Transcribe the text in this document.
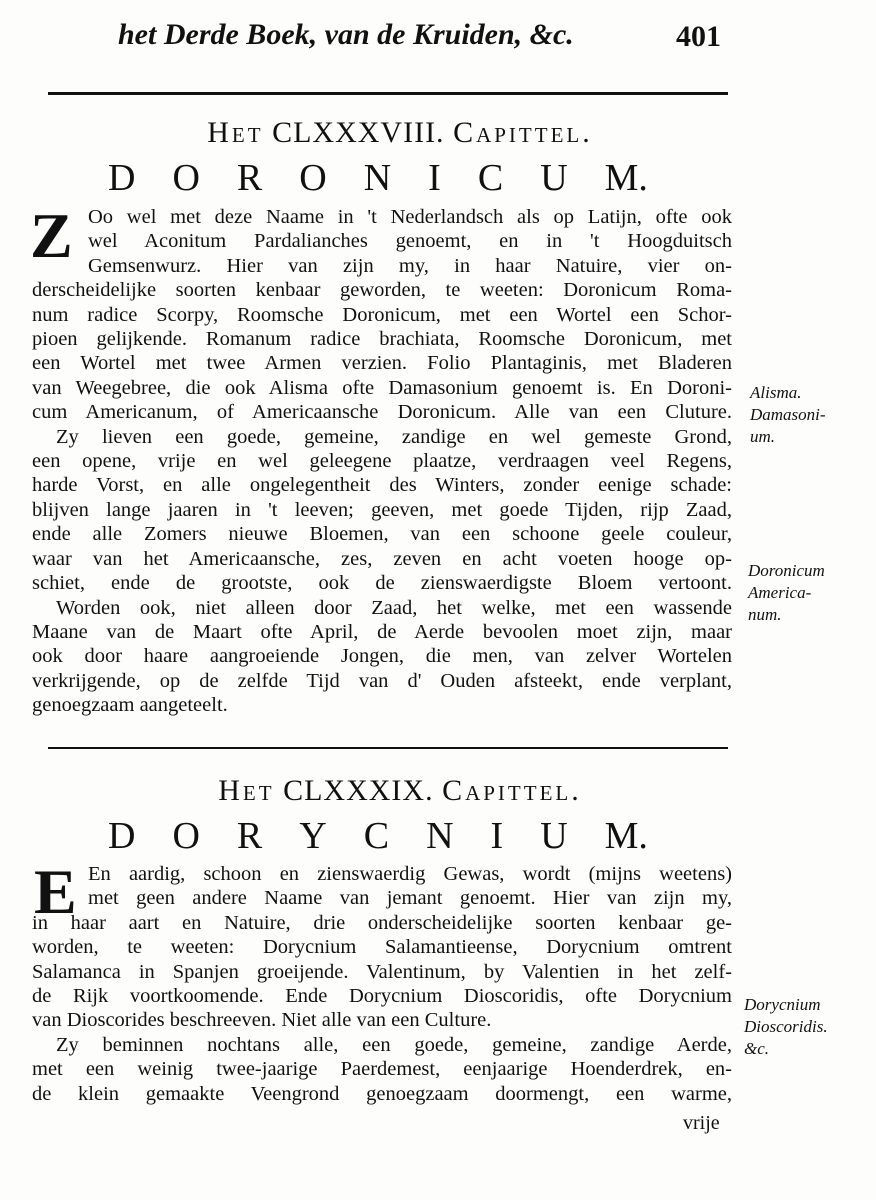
het Derde Boek, van de Kruiden, &c.	401
Het CLXXXVIII. Capittel.
D O R O N I C U M.
Z Oo wel met deze Naame in 't Nederlandsch als op Latijn, ofte ook
wel Aconitum Pardalianches genoemt, en in 't Hoogduitsch
Gemsenwurz. Hier van zijn my, in haar Natuire, vier on-
derscheidelijke soorten kenbaar geworden, te weeten: Doronicum Roma-
num radice Scorpy, Roomsche Doronicum, met een Wortel een Schor-
pioen gelijkende. Romanum radice brachiata, Roomsche Doronicum, met
een Wortel met twee Armen verzien. Folio Plantaginis, met Bladeren
van Weegebree, die ook Alisma ofte Damasonium genoemt is. En Doroni-
cum Americanum, of Americaansche Doronicum. Alle van een Cluture.
Zy lieven een goede, gemeine, zandige en wel gemeste Grond,
een opene, vrije en wel geleegene plaatze, verdraagen veel Regens,
harde Vorst, en alle ongelegentheit des Winters, zonder eenige schade:
blijven lange jaaren in 't leeven; geeven, met goede Tijden, rijp Zaad,
ende alle Zomers nieuwe Bloemen, van een schoone geele couleur,
waar van het Americaansche, zes, zeven en acht voeten hooge op-
schiet, ende de grootste, ook de zienswaerdigste Bloem vertoont.
Worden ook, niet alleen door Zaad, het welke, met een wassende
Maane van de Maart ofte April, de Aerde bevoolen moet zijn, maar
ook door haare aangroeiende Jongen, die men, van zelver Wortelen
verkrijgende, op de zelfde Tijd van d' Ouden afsteekt, ende verplant,
genoegzaam aangeteelt.
Alisma.
Damasoni-
um.
Doronicum
America-
num.
Het CLXXXIX. Capittel.
D O R Y C N I U M.
E En aardig, schoon en zienswaerdig Gewas, wordt (mijns weetens)
met geen andere Naame van jemant genoemt. Hier van zijn my,
in haar aart en Natuire, drie onderscheidelijke soorten kenbaar ge-
worden, te weeten: Dorycnium Salamantieense, Dorycnium omtrent
Salamanca in Spanjen groeijende. Valentinum, by Valentien in het zelf-
de Rijk voortkoomende. Ende Dorycnium Dioscoridis, ofte Dorycnium
van Dioscorides beschreeven. Niet alle van een Culture.
Zy beminnen nochtans alle, een goede, gemeine, zandige Aerde,
met een weinig twee-jaarige Paerdemest, eenjaarige Hoenderdrek, en-
de klein gemaakte Veengrond genoegzaam doormengt, een warme,
Dorycnium
Dioscoridis.
&c.
vrije
